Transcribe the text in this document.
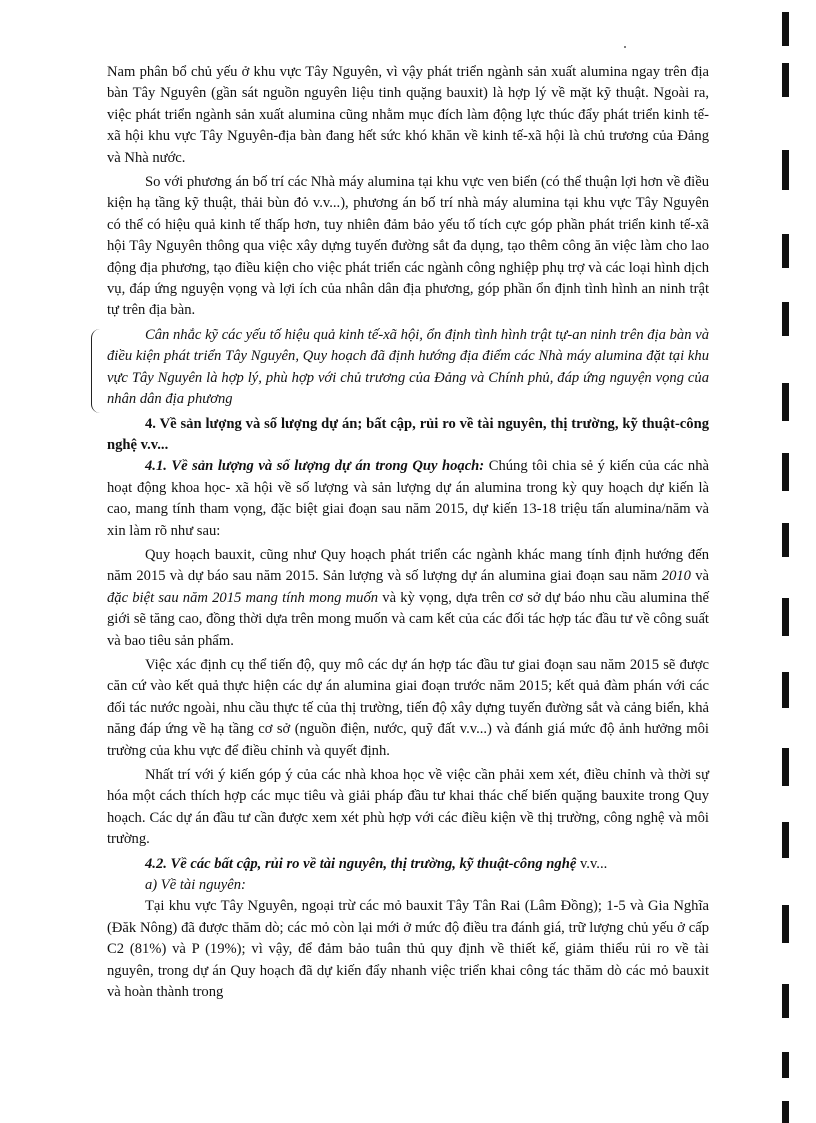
Nam phân bổ chủ yếu ở khu vực Tây Nguyên, vì vậy phát triển ngành sản xuất alumina ngay trên địa bàn Tây Nguyên (gần sát nguồn nguyên liệu tinh quặng bauxit) là hợp lý về mặt kỹ thuật. Ngoài ra, việc phát triển ngành sản xuất alumina cũng nhằm mục đích làm động lực thúc đẩy phát triển kinh tế-xã hội khu vực Tây Nguyên-địa bàn đang hết sức khó khăn về kinh tế-xã hội là chủ trương của Đảng và Nhà nước.

So với phương án bố trí các Nhà máy alumina tại khu vực ven biển (có thể thuận lợi hơn về điều kiện hạ tầng kỹ thuật, thải bùn đỏ v.v...), phương án bố trí nhà máy alumina tại khu vực Tây Nguyên có thể có hiệu quả kinh tế thấp hơn, tuy nhiên đảm bảo yếu tố tích cực góp phần phát triển kinh tế-xã hội Tây Nguyên thông qua việc xây dựng tuyến đường sắt đa dụng, tạo thêm công ăn việc làm cho lao động địa phương, tạo điều kiện cho việc phát triển các ngành công nghiệp phụ trợ và các loại hình dịch vụ, đáp ứng nguyện vọng và lợi ích của nhân dân địa phương, góp phần ổn định tình hình an ninh trật tự trên địa bàn.

Cân nhắc kỹ các yếu tố hiệu quả kinh tế-xã hội, ổn định tình hình trật tự-an ninh trên địa bàn và điều kiện phát triển Tây Nguyên, Quy hoạch đã định hướng địa điểm các Nhà máy alumina đặt tại khu vực Tây Nguyên là hợp lý, phù hợp với chủ trương của Đảng và Chính phủ, đáp ứng nguyện vọng của nhân dân địa phương

4. Về sản lượng và số lượng dự án; bất cập, rủi ro về tài nguyên, thị trường, kỹ thuật-công nghệ v.v...

4.1. Về sản lượng và số lượng dự án trong Quy hoạch: Chúng tôi chia sẻ ý kiến của các nhà hoạt động khoa học- xã hội về số lượng và sản lượng dự án alumina trong kỳ quy hoạch dự kiến là cao, mang tính tham vọng, đặc biệt giai đoạn sau năm 2015, dự kiến 13-18 triệu tấn alumina/năm và xin làm rõ như sau:

Quy hoạch bauxit, cũng như Quy hoạch phát triển các ngành khác mang tính định hướng đến năm 2015 và dự báo sau năm 2015. Sản lượng và số lượng dự án alumina giai đoạn sau năm 2010 và đặc biệt sau năm 2015 mang tính mong muốn và kỳ vọng, dựa trên cơ sở dự báo nhu cầu alumina thế giới sẽ tăng cao, đồng thời dựa trên mong muốn và cam kết của các đối tác hợp tác đầu tư về công suất và bao tiêu sản phẩm.

Việc xác định cụ thể tiến độ, quy mô các dự án hợp tác đầu tư giai đoạn sau năm 2015 sẽ được căn cứ vào kết quả thực hiện các dự án alumina giai đoạn trước năm 2015; kết quả đàm phán với các đối tác nước ngoài, nhu cầu thực tế của thị trường, tiến độ xây dựng tuyến đường sắt và cảng biển, khả năng đáp ứng về hạ tầng cơ sở (nguồn điện, nước, quỹ đất v.v...) và đánh giá mức độ ảnh hưởng môi trường của khu vực để điều chỉnh và quyết định.

Nhất trí với ý kiến góp ý của các nhà khoa học về việc cần phải xem xét, điều chỉnh và thời sự hóa một cách thích hợp các mục tiêu và giải pháp đầu tư khai thác chế biến quặng bauxite trong Quy hoạch. Các dự án đầu tư cần được xem xét phù hợp với các điều kiện về thị trường, công nghệ và môi trường.

4.2. Về các bất cập, rủi ro về tài nguyên, thị trường, kỹ thuật-công nghệ v.v...

a) Về tài nguyên:

Tại khu vực Tây Nguyên, ngoại trừ các mỏ bauxit Tây Tân Rai (Lâm Đồng); 1-5 và Gia Nghĩa (Đăk Nông) đã được thăm dò; các mỏ còn lại mới ở mức độ điều tra đánh giá, trữ lượng chủ yếu ở cấp C2 (81%) và P (19%); vì vậy, để đảm bảo tuân thủ quy định về thiết kế, giảm thiểu rủi ro về tài nguyên, trong dự án Quy hoạch đã dự kiến đẩy nhanh việc triển khai công tác thăm dò các mỏ bauxit và hoàn thành trong
